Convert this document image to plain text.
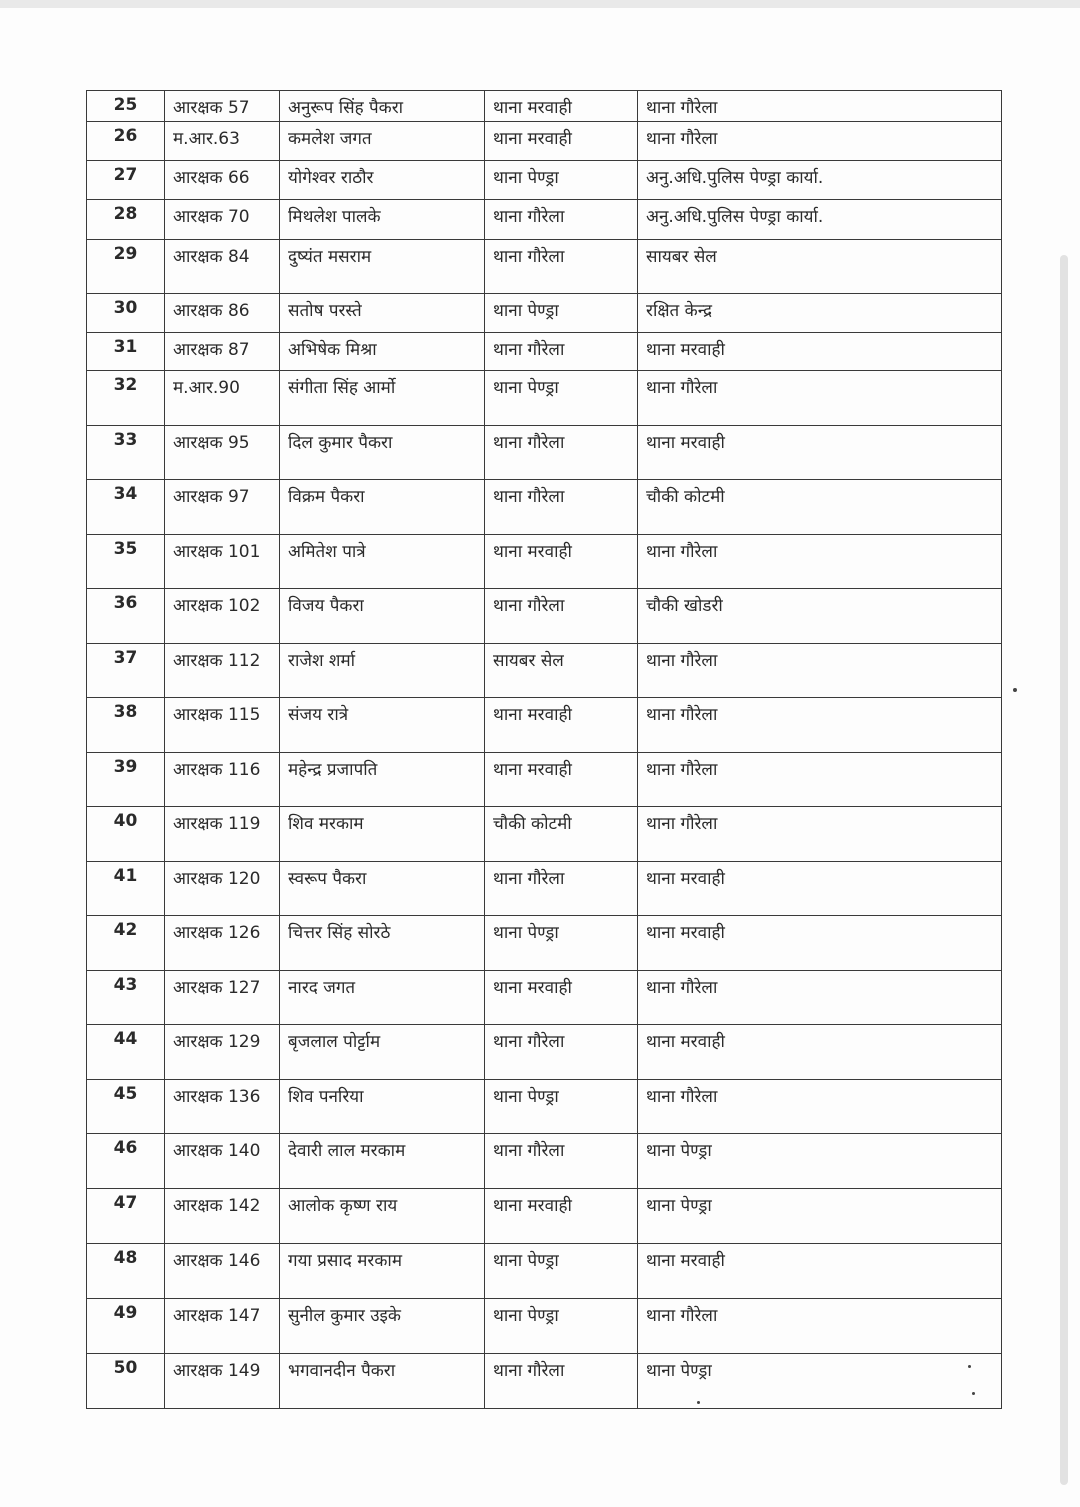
25	आरक्षक 57	अनुरूप सिंह पैकरा	थाना मरवाही	थाना गौरेला
26	म.आर.63	कमलेश जगत	थाना मरवाही	थाना गौरेला
27	आरक्षक 66	योगेश्वर राठौर	थाना पेण्ड्रा	अनु.अधि.पुलिस पेण्ड्रा कार्या.
28	आरक्षक 70	मिथलेश पालके	थाना गौरेला	अनु.अधि.पुलिस पेण्ड्रा कार्या.
29	आरक्षक 84	दुष्यंत मसराम	थाना गौरेला	सायबर सेल
30	आरक्षक 86	सतोष परस्ते	थाना पेण्ड्रा	रक्षित केन्द्र
31	आरक्षक 87	अभिषेक मिश्रा	थाना गौरेला	थाना मरवाही
32	म.आर.90	संगीता सिंह आर्मो	थाना पेण्ड्रा	थाना गौरेला
33	आरक्षक 95	दिल कुमार पैकरा	थाना गौरेला	थाना मरवाही
34	आरक्षक 97	विक्रम पैकरा	थाना गौरेला	चौकी कोटमी
35	आरक्षक 101	अमितेश पात्रे	थाना मरवाही	थाना गौरेला
36	आरक्षक 102	विजय पैकरा	थाना गौरेला	चौकी खोडरी
37	आरक्षक 112	राजेश शर्मा	सायबर सेल	थाना गौरेला
38	आरक्षक 115	संजय रात्रे	थाना मरवाही	थाना गौरेला
39	आरक्षक 116	महेन्द्र प्रजापति	थाना मरवाही	थाना गौरेला
40	आरक्षक 119	शिव मरकाम	चौकी कोटमी	थाना गौरेला
41	आरक्षक 120	स्वरूप पैकरा	थाना गौरेला	थाना मरवाही
42	आरक्षक 126	चित्तर सिंह सोरठे	थाना पेण्ड्रा	थाना मरवाही
43	आरक्षक 127	नारद जगत	थाना मरवाही	थाना गौरेला
44	आरक्षक 129	बृजलाल पोर्ट्टाम	थाना गौरेला	थाना मरवाही
45	आरक्षक 136	शिव पनरिया	थाना पेण्ड्रा	थाना गौरेला
46	आरक्षक 140	देवारी लाल मरकाम	थाना गौरेला	थाना पेण्ड्रा
47	आरक्षक 142	आलोक कृष्ण राय	थाना मरवाही	थाना पेण्ड्रा
48	आरक्षक 146	गया प्रसाद मरकाम	थाना पेण्ड्रा	थाना मरवाही
49	आरक्षक 147	सुनील कुमार उइके	थाना पेण्ड्रा	थाना गौरेला
50	आरक्षक 149	भगवानदीन पैकरा	थाना गौरेला	थाना पेण्ड्रा
